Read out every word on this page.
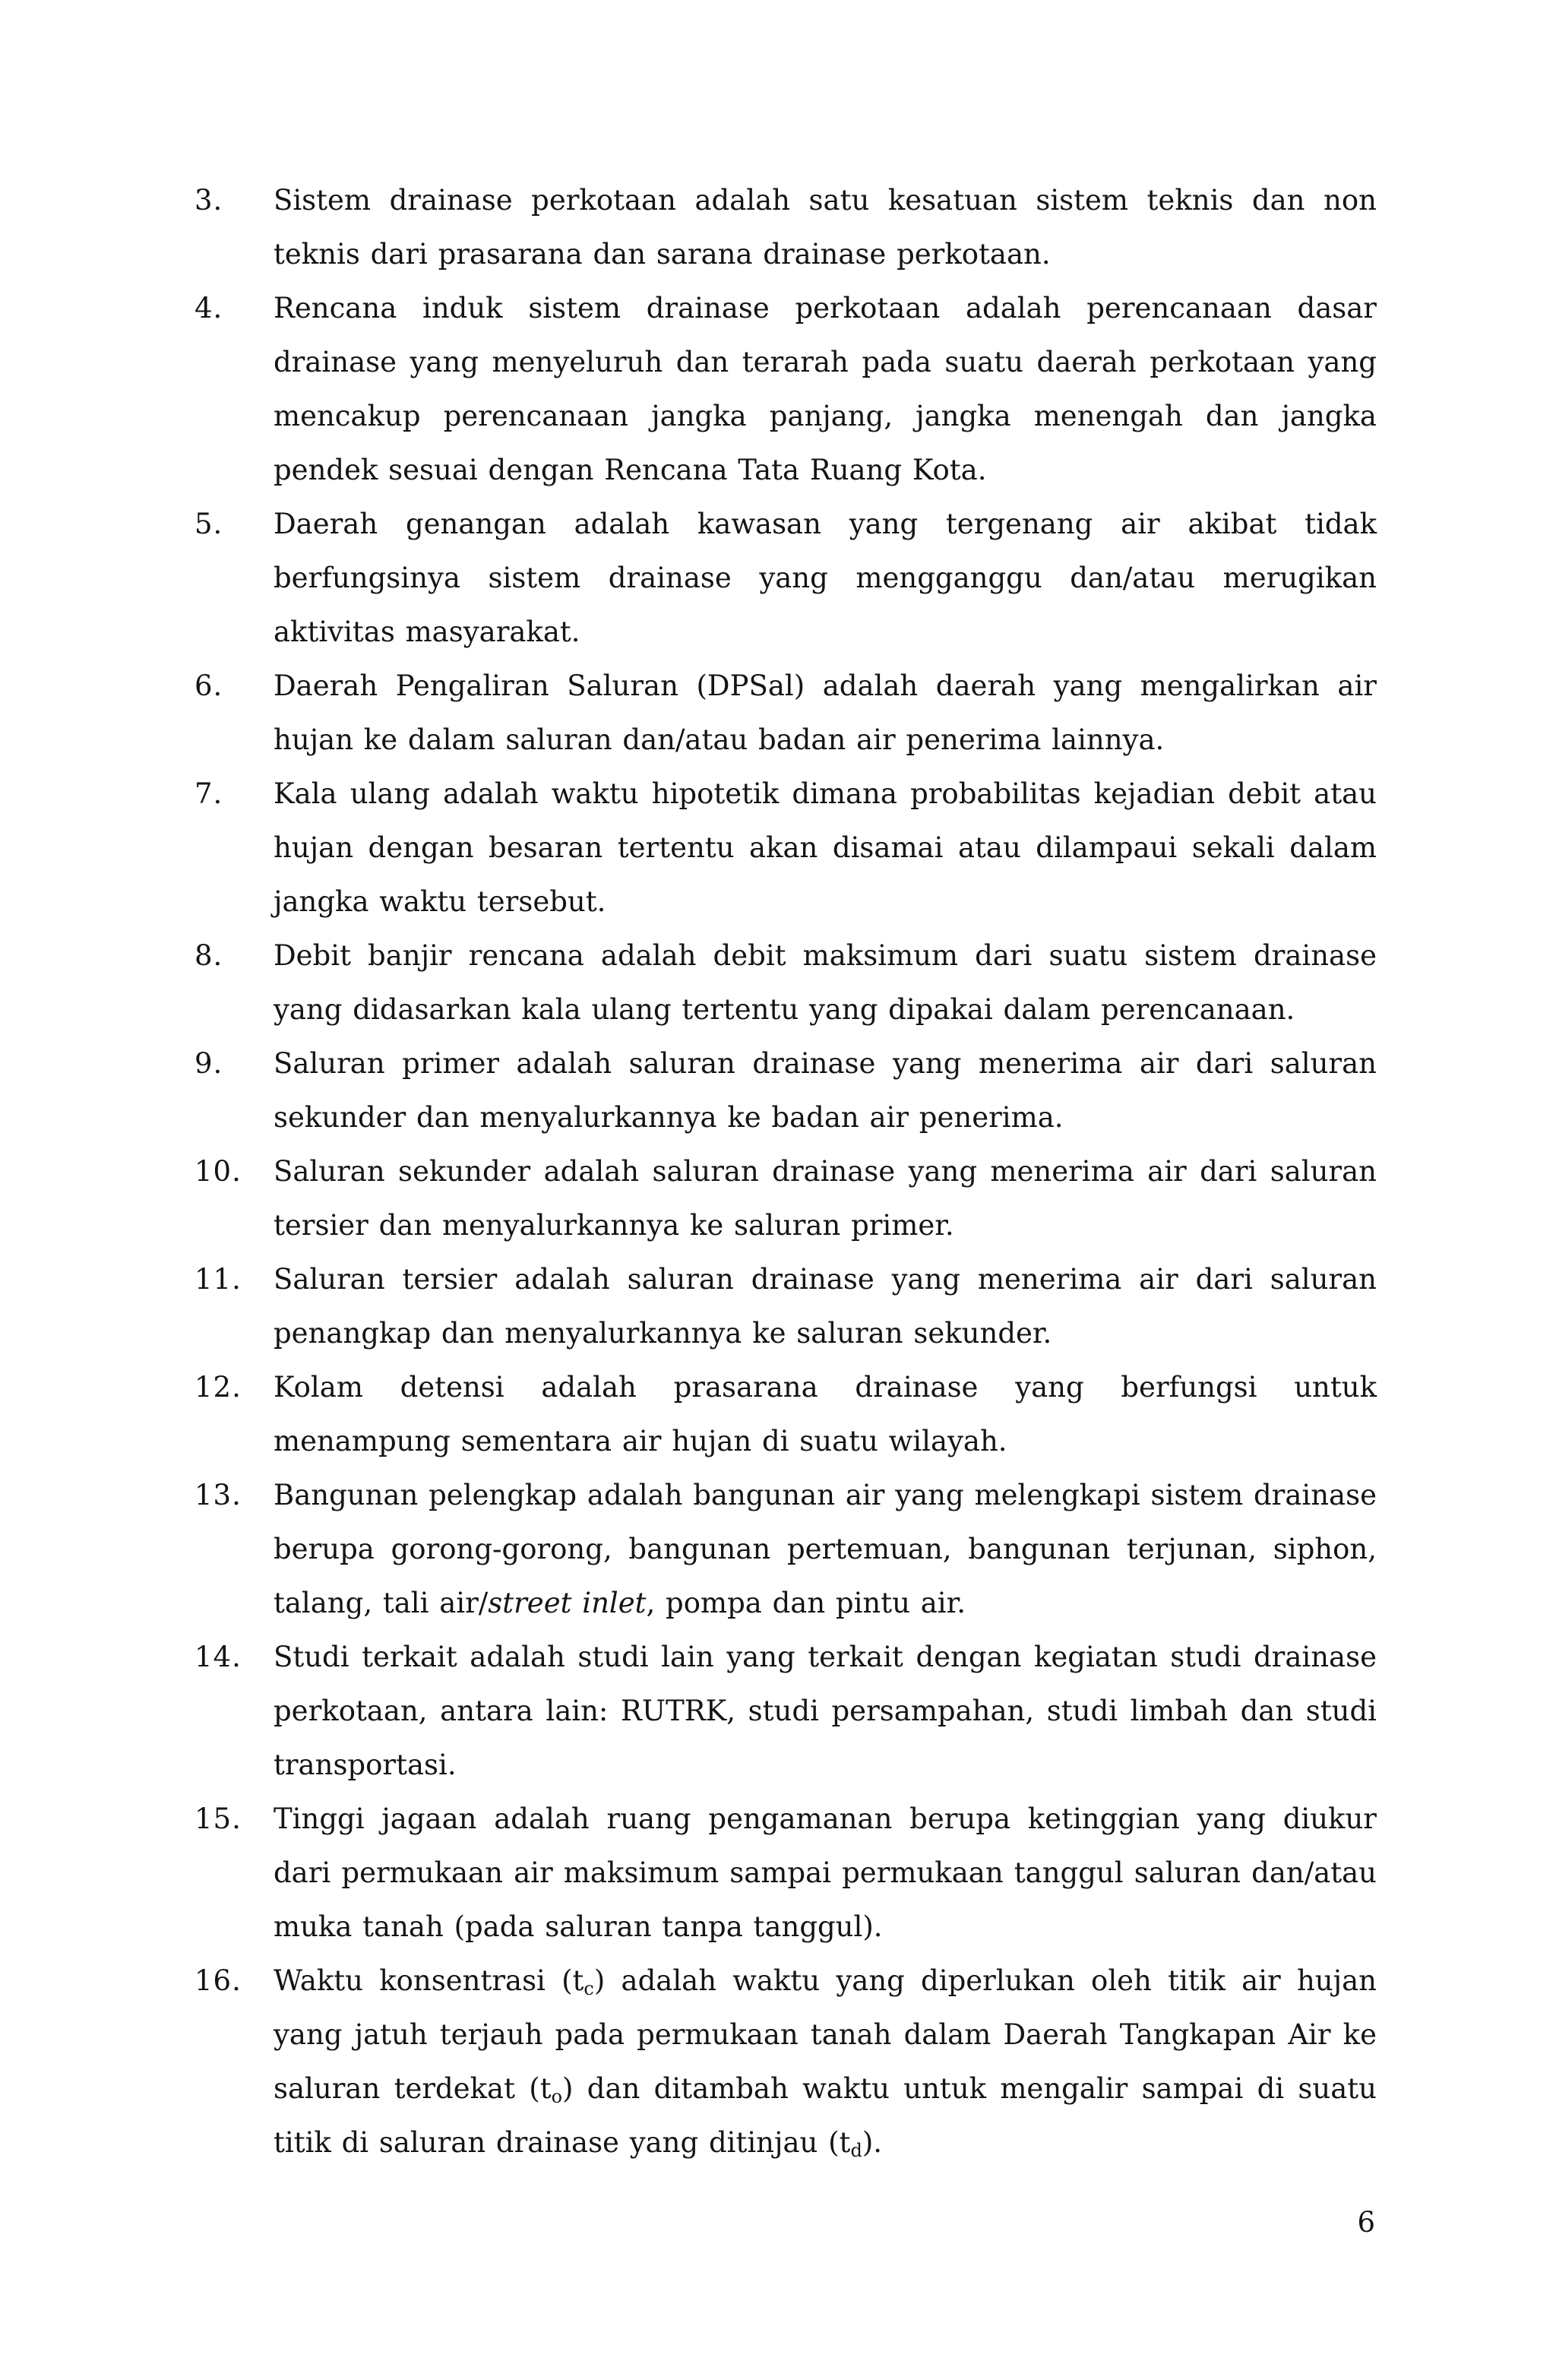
3.	Sistem drainase perkotaan adalah satu kesatuan sistem teknis dan non teknis dari prasarana dan sarana drainase perkotaan.
4.	Rencana induk sistem drainase perkotaan adalah perencanaan dasar drainase yang menyeluruh dan terarah pada suatu daerah perkotaan yang mencakup perencanaan jangka panjang, jangka menengah dan jangka pendek sesuai dengan Rencana Tata Ruang Kota.
5.	Daerah genangan adalah kawasan yang tergenang air akibat tidak berfungsinya sistem drainase yang mengganggu dan/atau merugikan aktivitas masyarakat.
6.	Daerah Pengaliran Saluran (DPSal) adalah daerah yang mengalirkan air hujan ke dalam saluran dan/atau badan air penerima lainnya.
7.	Kala ulang adalah waktu hipotetik dimana probabilitas kejadian debit atau hujan dengan besaran tertentu akan disamai atau dilampaui sekali dalam jangka waktu tersebut.
8.	Debit banjir rencana adalah debit maksimum dari suatu sistem drainase yang didasarkan kala ulang tertentu yang dipakai dalam perencanaan.
9.	Saluran primer adalah saluran drainase yang menerima air dari saluran sekunder dan menyalurkannya ke badan air penerima.
10.	Saluran sekunder adalah saluran drainase yang menerima air dari saluran tersier dan menyalurkannya ke saluran primer.
11.	Saluran tersier adalah saluran drainase yang menerima air dari saluran penangkap dan menyalurkannya ke saluran sekunder.
12.	Kolam detensi adalah prasarana drainase yang berfungsi untuk menampung sementara air hujan di suatu wilayah.
13.	Bangunan pelengkap adalah bangunan air yang melengkapi sistem drainase berupa gorong-gorong, bangunan pertemuan, bangunan terjunan, siphon, talang, tali air/street inlet, pompa dan pintu air.
14.	Studi terkait adalah studi lain yang terkait dengan kegiatan studi drainase perkotaan, antara lain: RUTRK, studi persampahan, studi limbah dan studi transportasi.
15.	Tinggi jagaan adalah ruang pengamanan berupa ketinggian yang diukur dari permukaan air maksimum sampai permukaan tanggul saluran dan/atau muka tanah (pada saluran tanpa tanggul).
16.	Waktu konsentrasi $(t_c)$ adalah waktu yang diperlukan oleh titik air hujan yang jatuh terjauh pada permukaan tanah dalam Daerah Tangkapan Air ke saluran terdekat $(t_o)$ dan ditambah waktu untuk mengalir sampai di suatu titik di saluran drainase yang ditinjau $(t_d)$.
6
